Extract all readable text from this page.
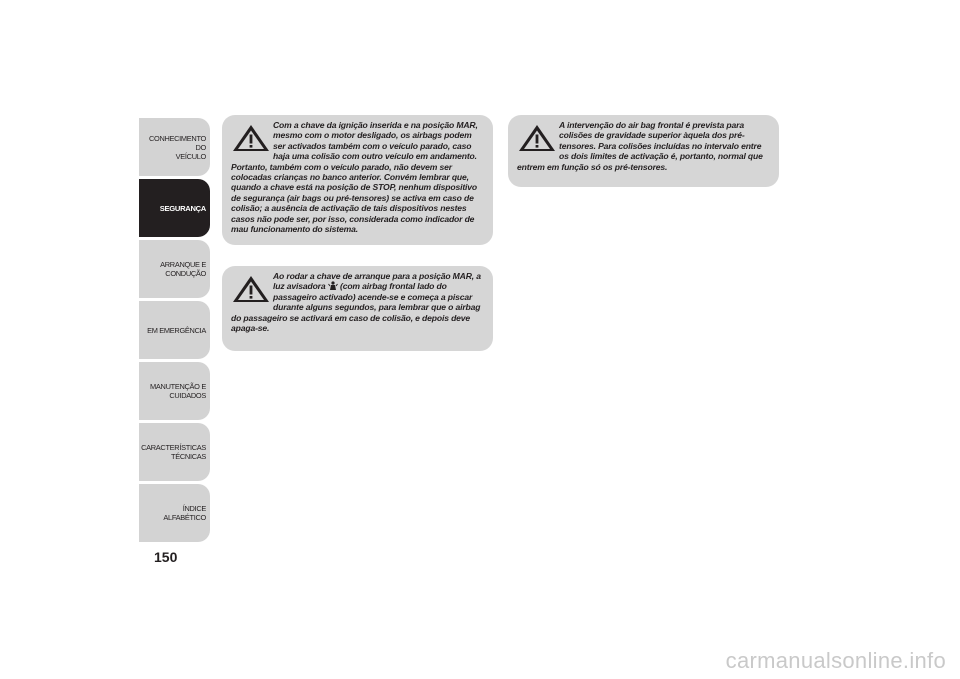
CONHECIMENTO DO
VEÍCULO
SEGURANÇA
ARRANQUE E
CONDUÇÃO
EM EMERGÊNCIA
MANUTENÇÃO E
CUIDADOS
CARACTERÍSTICAS
TÉCNICAS
ÍNDICE ALFABÉTICO
150
Com a chave da ignição inserida e na posição MAR, mesmo com o motor desligado, os airbags podem ser activados também com o veículo parado, caso haja uma colisão com outro veículo em andamento. Portanto, também com o veículo parado, não devem ser colocadas crianças no banco anterior. Convém lembrar que, quando a chave está na posição de STOP, nenhum dispositivo de segurança (air bags ou pré-tensores) se activa em caso de colisão; a ausência de activação de tais dispositivos nestes casos não pode ser, por isso, considerada como indicador de mau funcionamento do sistema.
Ao rodar a chave de arranque para a posição MAR, a luz avisadora  (com airbag frontal lado do passageiro activado) acende-se e começa a piscar durante alguns segundos, para lembrar que o airbag do passageiro se activará em caso de colisão, e depois deve apaga-se.
A intervenção do air bag frontal é prevista para colisões de gravidade superior àquela dos pré-tensores. Para colisões incluídas no intervalo entre os dois limites de activação é, portanto, normal que entrem em função só os pré-tensores.
carmanualsonline.info
